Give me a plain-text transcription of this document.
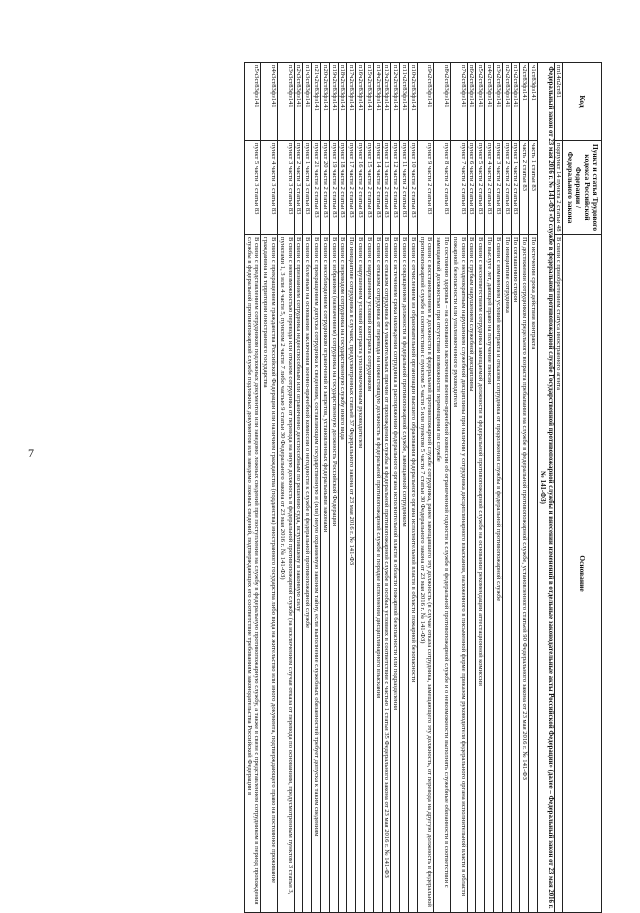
7
Код	Пункт и статья Трудового кодекса Российской Федерации / Федерального закона	Основание
пп14п2ст81	подпункт 14 пункта 2 статьи 48	В связи с приобретением статуса иностранного агента
Федеральный закон от 23 мая 2016 г. № 141-ФЗ «О службе в федеральной противопожарной службе Государственной противопожарной службы и внесении изменений в отдельные законодательные акты Российской Федерации» (далее – Федеральный закон от 23 мая 2016 г. № 141-ФЗ)		
ч1ст83фз141	часть 1 статьи 83	По истечении срока действия контракта
ч2ст83фз141	часть 2 статьи 83	По достижении сотрудником предельного возраста пребывания на службе в федеральной противопожарной службе, установленного статьей 90 Федерального закона от 23 мая 2016 г. № 141-ФЗ
п1ч2ст83фз141	пункт 1 части 2 статьи 83	По соглашению сторон
п2ч2ст83фз141	пункт 2 части 2 статьи 83	По инициативе сотрудника
п3ч2ст83фз141	пункт 3 части 2 статьи 83	В связи с изменением условий контракта и отказом сотрудника от продолжения службы в федеральной противопожарной службе
п4ч2ст83фз141	пункт 4 части 2 статьи 83	По выслуге лет, дающей право на получение пенсии
п5ч2ст83фз141	пункт 5 части 2 статьи 83	В связи с несоответствием сотрудника замещаемой должности в федеральной противопожарной службе на основании рекомендации аттестационной комиссии
п6ч2ст83фз141	пункт 6 части 2 статьи 83	В связи с грубым нарушением служебной дисциплины
п7ч2ст83фз141	пункт 7 части 2 статьи 83	В связи с неоднократным нарушением служебной дисциплины при наличии у сотрудника дисциплинарного взыскания, наложенного в письменной форме приказом руководителя федерального органа исполнительной власти в области пожарной безопасности или уполномоченного руководителя
п8ч2ст83фз141	пункт 8 части 2 статьи 83	По состоянию здоровья – на основании заключения военно-врачебной комиссии об ограниченной годности к службе в федеральной противопожарной службе и о невозможности выполнять служебные обязанности в соответствии с замещаемой должностью при отсутствии возможности перемещения по службе
п9ч2ст83фз141	пункт 9 части 2 статьи 83	В связи с восстановлением в должности в федеральной противопожарной службе сотрудника, ранее замещавшего эту должность (в случае отказа сотрудника, замещающего эту должность, от перевода на другую должность в федеральной противопожарной службе в соответствии с пунктом 5 части 5 или пунктом 5 части 7 статьи 30 Федерального закона от 23 мая 2016 г. № 141-ФЗ)
п10ч2ст83фз141	пункт 10 части 2 статьи 83	В связи с отчислением из образовательной организации высшего образования федерального органа исполнительной власти в области пожарной безопасности
п11ч2ст83фз141	пункт 11 части 2 статьи 83	В связи с сокращением должности в федеральной противопожарной службе, замещаемой сотрудником
п12ч2ст83фз141	пункт 12 части 2 статьи 83	В связи с истечением срока нахождения сотрудника в распоряжении федерального органа исполнительной власти в области пожарной безопасности или подразделения
п13ч2ст83фз141	пункт 13 части 2 статьи 83	В связи с отказом сотрудника без уважительных причин от прохождения службы в федеральной противопожарной службе в особых условиях в соответствии с частью 1 статьи 35 Федерального закона от 23 мая 2016 г. № 141-ФЗ
п14ч2ст83фз141	пункт 14 части 2 статьи 83	В связи с отказом сотрудника от перевода на нижестоящую должность в федеральной противопожарной службе в порядке исполнения дисциплинарного взыскания
п15ч2ст83фз141	пункт 15 части 2 статьи 83	В связи с нарушением условий контракта сотрудником
п16ч2ст83фз141	пункт 16 части 2 статьи 83	В связи с нарушением условий контракта уполномоченным руководителем
п17ч2ст83фз141	пункт 17 части 2 статьи 83	По инициативе сотрудника в случаях, предусмотренных статьей 37 Федерального закона от 23 мая 2016 г. № 141-ФЗ
п18ч2ст83фз141	пункт 18 части 2 статьи 83	В связи с переводом сотрудника на государственную службу иного вида
п19ч2ст83фз141	пункт 19 части 2 статьи 83	В связи с избранием (назначением) сотрудника на государственную должность Российской Федерации
п20ч2ст83фз141	пункт 20 части 2 статьи 83	В связи с несоблюдением сотрудником ограничений и запретов, установленных федеральными законами
п21ч2ст83фз141	пункт 21 части 2 статьи 83	В связи с прекращением допуска сотрудника к сведениям, составляющим государственную и (или) иную охраняемую законом тайну, если выполнение служебных обязанностей требует допуска к таким сведениям
п1ч3ст83фз141	пункт 1 части 3 статьи 83	В связи с болезнью на основании заключения военно-врачебной комиссии о негодности к службе в федеральной противопожарной службе
п2ч3ст83фз141	пункт 2 части 3 статьи 83	В связи с признанием сотрудника недееспособным или ограниченно дееспособным по решению суда, вступившему в законную силу
п3ч3ст83фз141	пункт 3 части 3 статьи 83	В связи с невозможностью перевода или отказом сотрудника от перевода на иную должность в федеральной противопожарной службе (за исключением случая отказа от перевода по основаниям, предусмотренным пунктом 3 статьи 3, пунктами 1, 3 или 4 части 5, пунктом 2 части 7 либо частью 9 статьи 30 Федерального закона от 23 мая 2016 г. № 141-ФЗ)
п4ч3ст83фз141	пункт 4 части 3 статьи 83	В связи с прекращением гражданства Российской Федерации или наличием гражданства (подданства) иностранного государства либо вида на жительство или иного документа, подтверждающего право на постоянное проживание гражданина на территории иностранного государства
п5ч3ст83фз141	пункт 5 части 3 статьи 83	В связи с представлением сотрудником подложных документов или заведомо ложных сведений при поступлении на службу в федеральную противопожарную службу, а также в связи с представлением сотрудником в период прохождения службы в федеральной противопожарной службе подложных документов или заведомо ложных сведений, подтверждающих его соответствие требованиям законодательства Российской Федерации в
